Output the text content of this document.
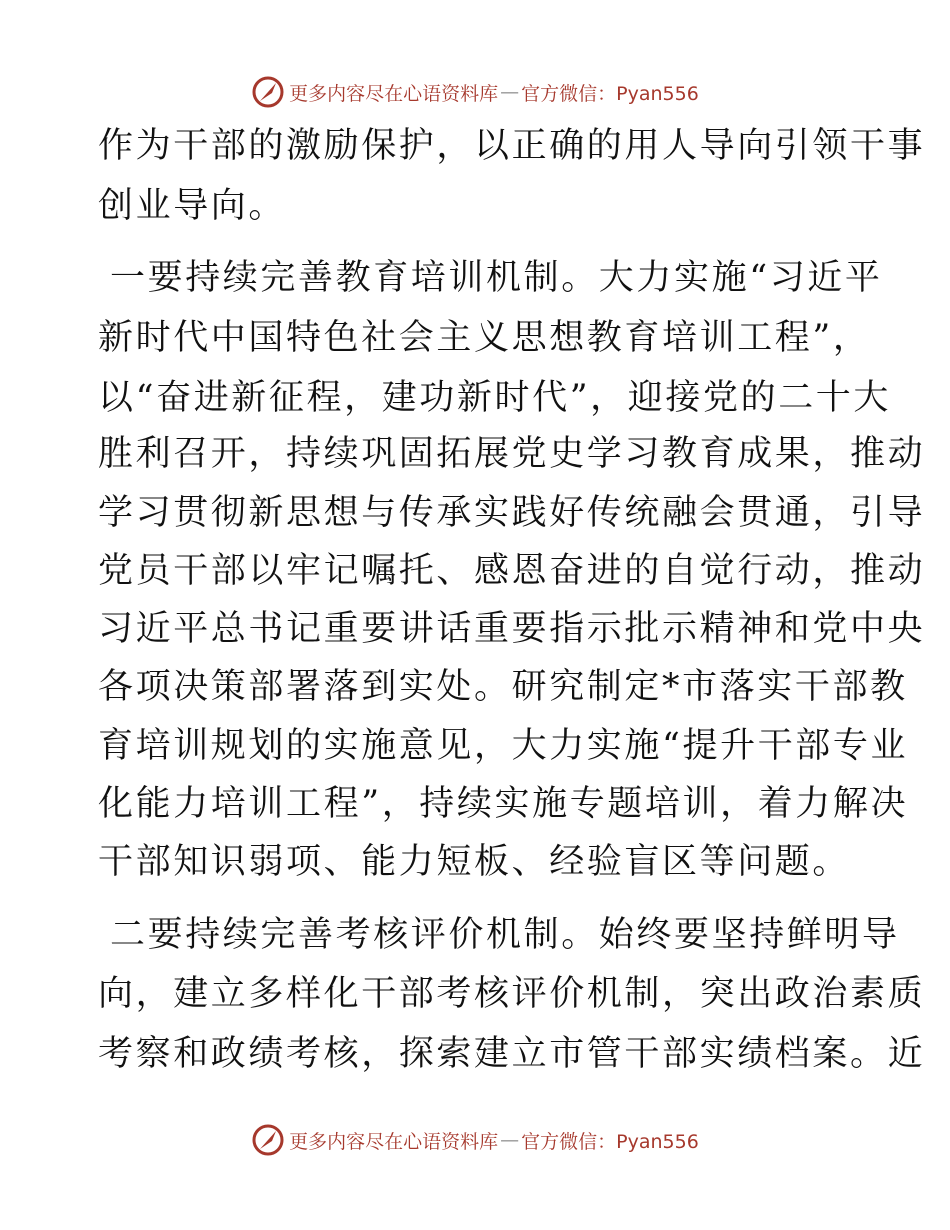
更多内容尽在心语资料库 — 官方微信：Pyan556
作为干部的激励保护，以正确的用人导向引领干事
创业导向。
一要持续完善教育培训机制。大力实施“习近平
新时代中国特色社会主义思想教育培训工程”，
以“奋进新征程，建功新时代”，迎接党的二十大
胜利召开，持续巩固拓展党史学习教育成果，推动
学习贯彻新思想与传承实践好传统融会贯通，引导
党员干部以牢记嘱托、感恩奋进的自觉行动，推动
习近平总书记重要讲话重要指示批示精神和党中央
各项决策部署落到实处。研究制定*市落实干部教
育培训规划的实施意见，大力实施“提升干部专业
化能力培训工程”，持续实施专题培训，着力解决
干部知识弱项、能力短板、经验盲区等问题。
二要持续完善考核评价机制。始终要坚持鲜明导
向，建立多样化干部考核评价机制，突出政治素质
考察和政绩考核，探索建立市管干部实绩档案。近
更多内容尽在心语资料库 — 官方微信：Pyan556
